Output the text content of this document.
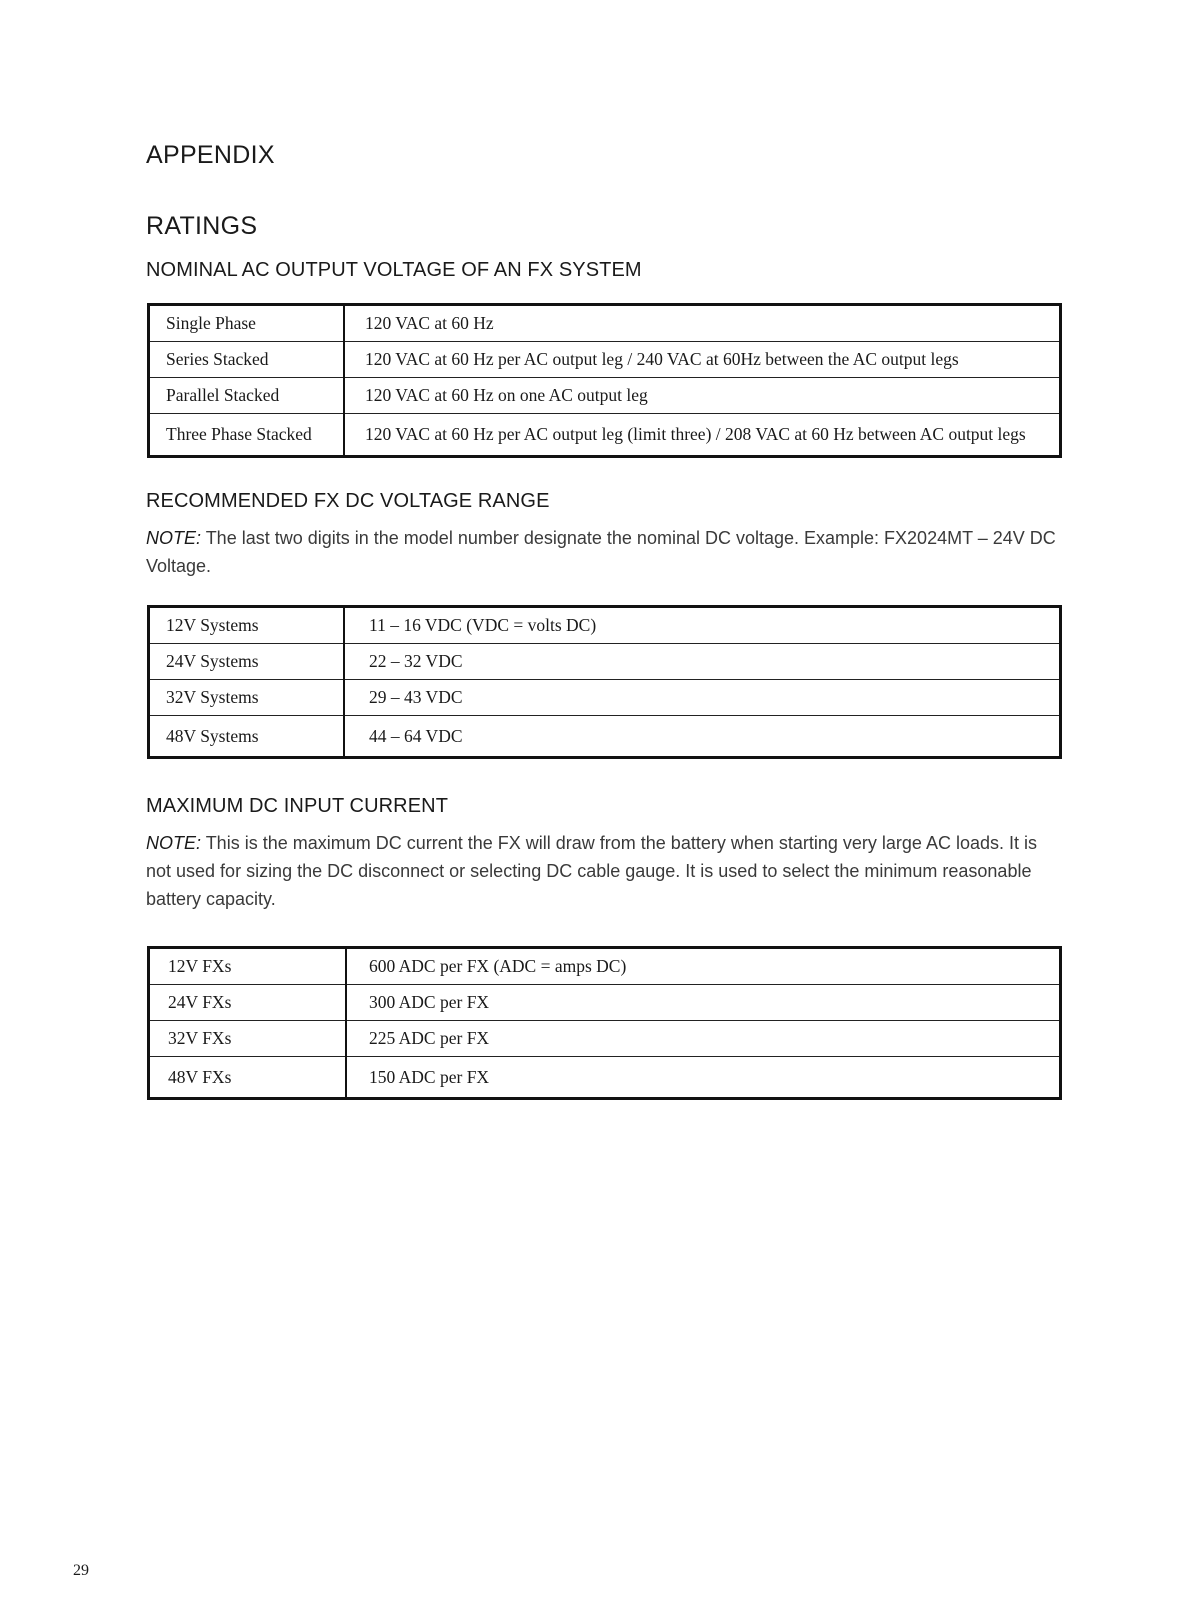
APPENDIX
RATINGS
NOMINAL AC OUTPUT VOLTAGE OF AN FX SYSTEM
Single Phase	120 VAC at 60 Hz
Series Stacked	120 VAC at 60 Hz per AC output leg / 240 VAC at 60Hz between the AC output legs
Parallel Stacked	120 VAC at 60 Hz on one AC output leg
Three Phase Stacked	120 VAC at 60 Hz per AC output leg (limit three) / 208 VAC at 60 Hz between AC output legs
RECOMMENDED FX DC VOLTAGE RANGE

NOTE: The last two digits in the model number designate the nominal DC voltage. Example: FX2024MT – 24V DC Voltage.

12V Systems	11 – 16 VDC (VDC = volts DC)
24V Systems	22 – 32 VDC
32V Systems	29 – 43 VDC
48V Systems	44 – 64 VDC
MAXIMUM DC INPUT CURRENT

NOTE: This is the maximum DC current the FX will draw from the battery when starting very large AC loads. It is not used for sizing the DC disconnect or selecting DC cable gauge. It is used to select the minimum reasonable battery capacity.

12V FXs	600 ADC per FX (ADC = amps DC)
24V FXs	300 ADC per FX
32V FXs	225 ADC per FX
48V FXs	150 ADC per FX

29
